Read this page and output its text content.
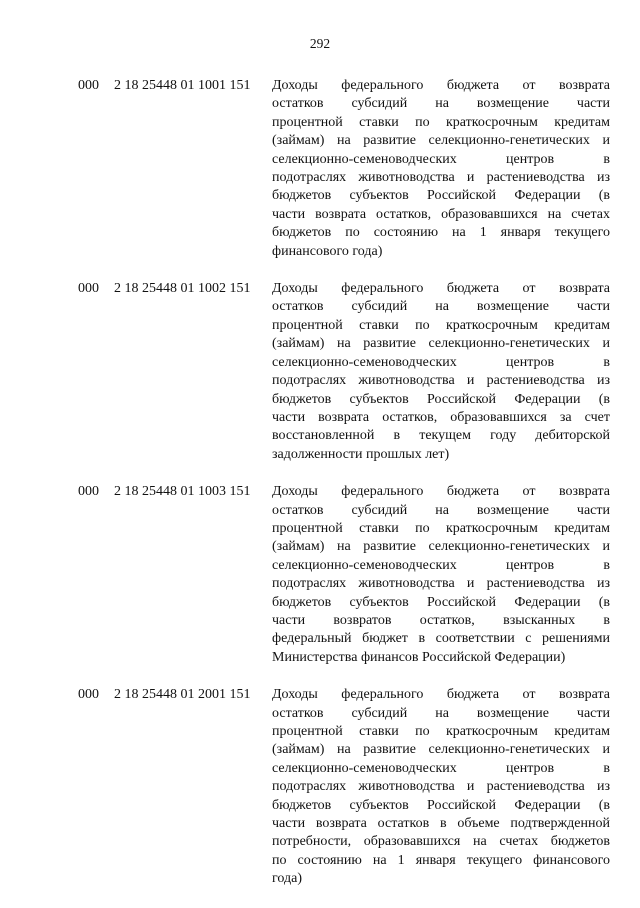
292
000	2 18 25448 01 1001 151	Доходы федерального бюджета от возврата
остатков субсидий на возмещение части
процентной ставки по краткосрочным кредитам
(займам) на развитие селекционно-генетических и
селекционно-семеноводческих центров в
подотраслях животноводства и растениеводства из
бюджетов субъектов Российской Федерации (в
части возврата остатков, образовавшихся на счетах
бюджетов по состоянию на 1 января текущего
финансового года)
000	2 18 25448 01 1002 151	Доходы федерального бюджета от возврата
остатков субсидий на возмещение части
процентной ставки по краткосрочным кредитам
(займам) на развитие селекционно-генетических и
селекционно-семеноводческих центров в
подотраслях животноводства и растениеводства из
бюджетов субъектов Российской Федерации (в
части возврата остатков, образовавшихся за счет
восстановленной в текущем году дебиторской
задолженности прошлых лет)
000	2 18 25448 01 1003 151	Доходы федерального бюджета от возврата
остатков субсидий на возмещение части
процентной ставки по краткосрочным кредитам
(займам) на развитие селекционно-генетических и
селекционно-семеноводческих центров в
подотраслях животноводства и растениеводства из
бюджетов субъектов Российской Федерации (в
части возвратов остатков, взысканных в
федеральный бюджет в соответствии с решениями
Министерства финансов Российской Федерации)
000	2 18 25448 01 2001 151	Доходы федерального бюджета от возврата
остатков субсидий на возмещение части
процентной ставки по краткосрочным кредитам
(займам) на развитие селекционно-генетических и
селекционно-семеноводческих центров в
подотраслях животноводства и растениеводства из
бюджетов субъектов Российской Федерации (в
части возврата остатков в объеме подтвержденной
потребности, образовавшихся на счетах бюджетов
по состоянию на 1 января текущего финансового
года)
